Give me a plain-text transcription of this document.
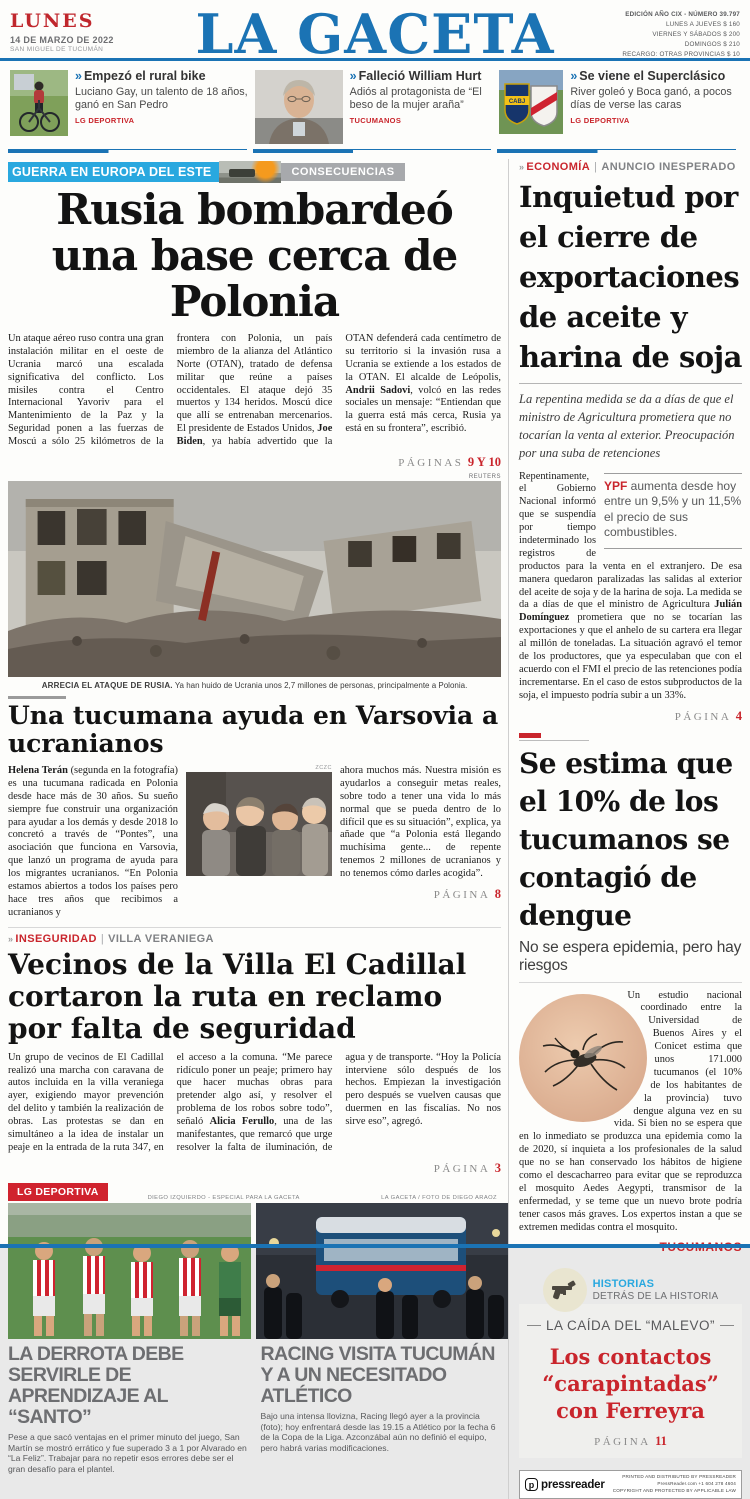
LUNES
14 DE MARZO DE 2022
SAN MIGUEL DE TUCUMÁN	LA GACETA	EDICIÓN AÑO CIX - NÚMERO 39.797
LUNES A JUEVES $ 160
VIERNES Y SÁBADOS $ 200
DOMINGOS $ 210
RECARGO: OTRAS PROVINCIAS $ 10
» Empezó el rural bike
Luciano Gay, un talento de 18 años, ganó en San Pedro
LG DEPORTIVA
» Falleció William Hurt
Adiós al protagonista de “El beso de la mujer araña”
TUCUMANOS
CABJ
» Se viene el Superclásico
River goleó y Boca ganó, a pocos días de verse las caras
LG DEPORTIVA
GUERRA EN EUROPA DEL ESTE	CONSECUENCIAS
Rusia bombardeó una base cerca de Polonia
Un ataque aéreo ruso contra una gran instalación militar en el oeste de Ucrania marcó una escalada significativa del conflicto. Los misiles contra el Centro Internacional Yavoriv para el Mantenimiento de la Paz y la Seguridad ponen a las fuerzas de Moscú a sólo 25 kilómetros de la frontera con Polonia, un país miembro de la alianza del Atlántico Norte (OTAN), tratado de defensa militar que reúne a países occidentales. El ataque dejó 35 muertos y 134 heridos. Moscú dice que allí se entrenaban mercenarios. El presidente de Estados Unidos, Joe Biden, ya había advertido que la OTAN defenderá cada centímetro de su territorio si la invasión rusa a Ucrania se extiende a los estados de la OTAN. El alcalde de Leópolis, Andrii Sadovi, volcó en las redes sociales un mensaje: “Entiendan que la guerra está más cerca, Rusia ya está en su frontera”, escribió.
PÁGINAS 9 Y 10
REUTERS
ARRECIA EL ATAQUE DE RUSIA. Ya han huido de Ucrania unos 2,7 millones de personas, principalmente a Polonia.
Una tucumana ayuda en Varsovia a ucranianos
Helena Terán (segunda en la fotografía) es una tucumana radicada en Polonia desde hace más de 30 años. Su sueño siempre fue construir una organización para ayudar a los demás y desde 2018 lo concretó a través de “Pontes”, una asociación que funciona en Varsovia, que lanzó un programa de ayuda para los migrantes ucranianos. “En Polonia estamos abiertos a todos los países pero hace tres años que recibimos a ucranianos y
ZCZC ahora muchos más. Nuestra misión es ayudarlos a conseguir metas reales, sobre todo a tener una vida lo más normal que se pueda dentro de lo difícil que es su situación”, explica, ya añade que “a Polonia está llegando muchísima gente... de repente tenemos 2 millones de ucranianos y no tenemos cómo darles acogida”.
PÁGINA 8
» INSEGURIDAD | VILLA VERANIEGA
Vecinos de la Villa El Cadillal cortaron la ruta en reclamo por falta de seguridad
Un grupo de vecinos de El Cadillal realizó una marcha con caravana de autos incluida en la villa veraniega ayer, exigiendo mayor prevención del delito y también la realización de obras. Las protestas se dan en simultáneo a la idea de instalar un peaje en la entrada de la ruta 347, en el acceso a la comuna. “Me parece ridículo poner un peaje; primero hay que hacer muchas obras para pretender algo así, y resolver el problema de los robos sobre todo”, señaló Alicia Ferullo, una de las manifestantes, que remarcó que urge resolver la falta de iluminación, de agua y de transporte. “Hoy la Policía interviene sólo después de los hechos. Empiezan la investigación pero después se vuelven causas que duermen en las fiscalías. No nos sirve eso”, agregó.
PÁGINA 3
LG DEPORTIVA	DIEGO IZQUIERDO - ESPECIAL PARA LA GACETA	LA GACETA / FOTO DE DIEGO ARAOZ
LA DERROTA DEBE SERVIRLE DE APRENDIZAJE AL “SANTO”
Pese a que sacó ventajas en el primer minuto del juego, San Martín se mostró errático y fue superado 3 a 1 por Alvarado en “La Feliz”. Trabajar para no repetir esos errores debe ser el gran desafío para el plantel.
RACING VISITA TUCUMÁN Y A UN NECESITADO ATLÉTICO
Bajo una intensa llovizna, Racing llegó ayer a la provincia (foto); hoy enfrentará desde las 19.15 a Atlético por la fecha 6 de la Copa de la Liga. Azconzábal aún no definió el equipo, pero habrá varias modificaciones.
» ECONOMÍA | ANUNCIO INESPERADO
Inquietud por el cierre de exportaciones de aceite y harina de soja
La repentina medida se da a días de que el ministro de Agricultura prometiera que no tocarían la venta al exterior. Preocupación por una suba de retenciones
YPF aumenta desde hoy entre un 9,5% y un 11,5% el precio de sus combustibles.
Repentinamente, el Gobierno Nacional informó que se suspendía por tiempo indeterminado los registros de productos para la venta en el extranjero. De esa manera quedaron paralizadas las salidas al exterior del aceite de soja y de la harina de soja. La medida se da a días de que el ministro de Agricultura Julián Domínguez prometiera que no se tocarían las exportaciones y que el anhelo de su cartera era llegar al millón de toneladas. La situación agravó el temor de los productores, que ya especulaban que con el acuerdo con el FMI el precio de las retenciones podía incrementarse. En el caso de estos subproductos de la soja, el impuesto podría subir a un 33%.
PÁGINA 4
Se estima que el 10% de los tucumanos se contagió de dengue
No se espera epidemia, pero hay riesgos
Un estudio nacional coordinado entre la Universidad de Buenos Aires y el Conicet estima que unos 171.000 tucumanos (el 10% de los habitantes de la provincia) tuvo dengue alguna vez en su vida. Si bien no se espera que en lo inmediato se produzca una epidemia como la de 2020, sí inquieta a los profesionales de la salud que no se han conservado los hábitos de higiene como el descacharreo para evitar que se reproduzca el mosquito Aedes Aegypti, transmisor de la enfermedad, y se teme que un nuevo brote podría tener casos más graves. Los expertos instan a que se extremen medidas contra el mosquito.
HISTORIAS
DETRÁS DE LA HISTORIA
LA CAÍDA DEL “MALEVO”
Los contactos “carapintadas” con Ferreyra
PÁGINA 11
p pressreader
PRINTED AND DISTRIBUTED BY PRESSREADER
PressReader.com +1 604 278 4604
COPYRIGHT AND PROTECTED BY APPLICABLE LAW
